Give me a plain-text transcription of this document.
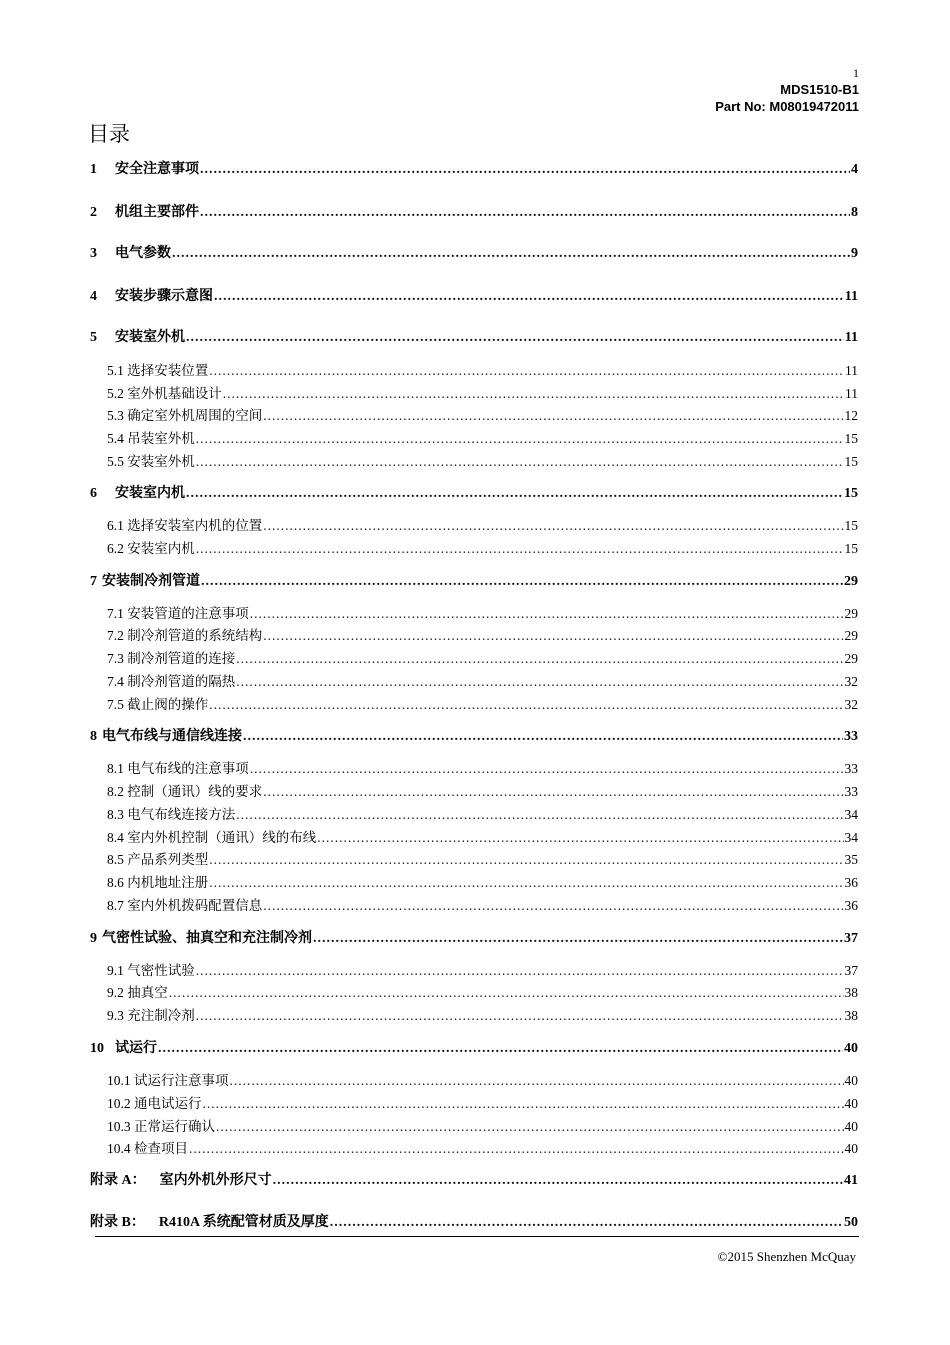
1
MDS1510-B1
Part No: M08019472011
目录
1 安全注意事项 .....	4
2 机组主要部件 .....	8
3 电气参数 .....	9
4 安装步骤示意图 .....	11
5 安装室外机 .....	11
5.1 选择安装位置 .....	11
5.2 室外机基础设计 .....	11
5.3 确定室外机周围的空间 .....	12
5.4 吊装室外机 .....	15
5.5 安装室外机 .....	15
6 安装室内机 .....	15
6.1 选择安装室内机的位置 .....	15
6.2 安装室内机 .....	15
7 安装制冷剂管道 .....	29
7.1 安装管道的注意事项 .....	29
7.2 制冷剂管道的系统结构 .....	29
7.3 制冷剂管道的连接 .....	29
7.4 制冷剂管道的隔热 .....	32
7.5 截止阀的操作 .....	32
8 电气布线与通信线连接 .....	33
8.1 电气布线的注意事项 .....	33
8.2 控制（通讯）线的要求 .....	33
8.3 电气布线连接方法 .....	34
8.4 室内外机控制（通讯）线的布线 .....	34
8.5 产品系列类型 .....	35
8.6 内机地址注册 .....	36
8.7 室内外机拨码配置信息 .....	36
9 气密性试验、抽真空和充注制冷剂 .....	37
9.1 气密性试验 .....	37
9.2 抽真空 .....	38
9.3 充注制冷剂 .....	38
10 试运行 .....	40
10.1 试运行注意事项 .....	40
10.2 通电试运行 .....	40
10.3 正常运行确认 .....	40
10.4 检查项目 .....	40
附录 A： 室内外机外形尺寸 .....	41
附录 B： R410A 系统配管材质及厚度 .....	50
©2015 Shenzhen McQuay
